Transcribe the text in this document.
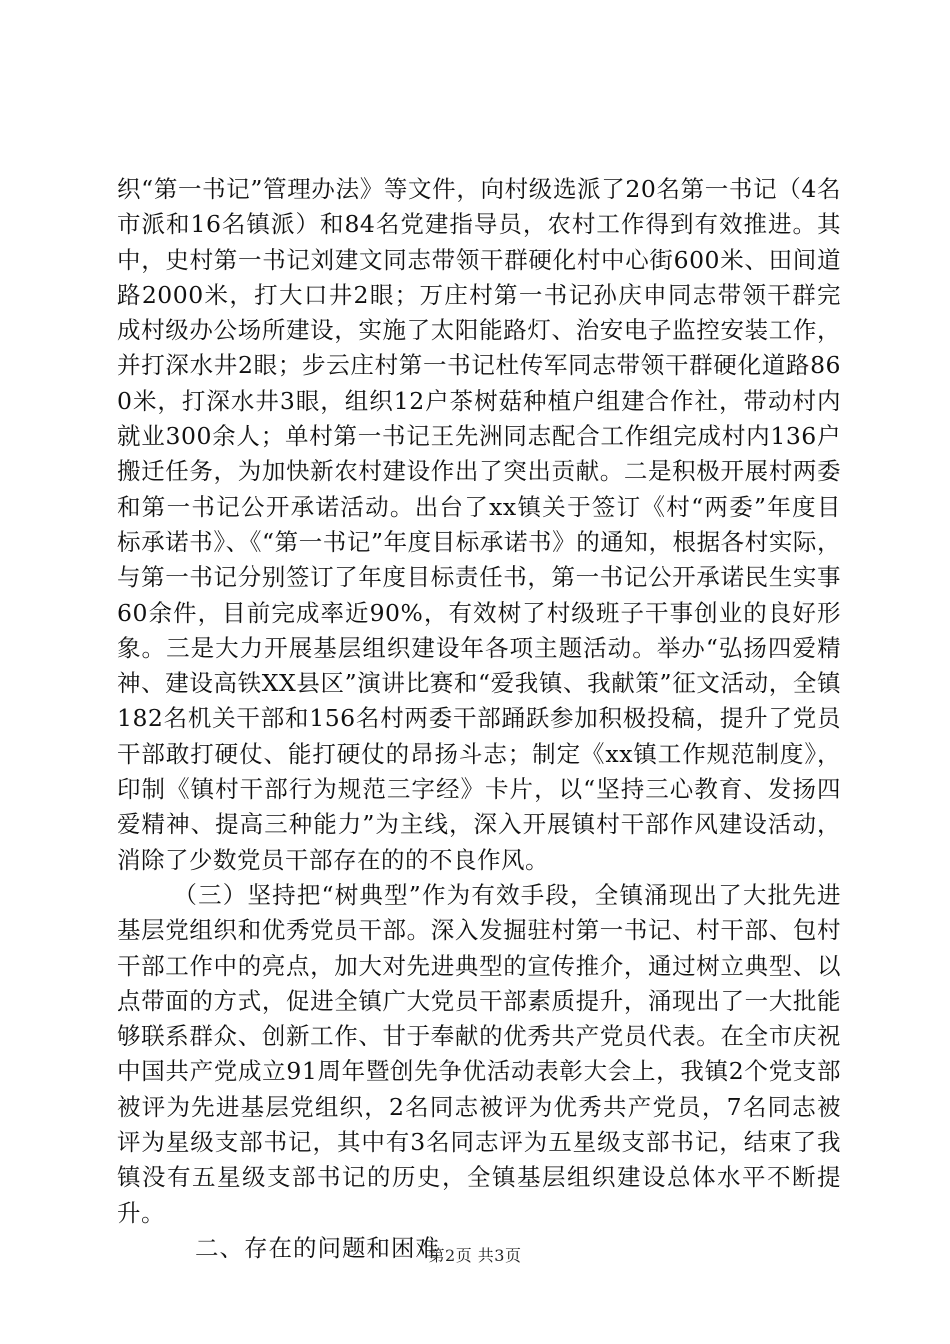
织“第一书记”管理办法》等文件，向村级选派了20名第一书记（4名市派和16名镇派）和84名党建指导员，农村工作得到有效推进。其中，史村第一书记刘建文同志带领干群硬化村中心街600米、田间道路2000米，打大口井2眼；万庄村第一书记孙庆申同志带领干群完成村级办公场所建设，实施了太阳能路灯、治安电子监控安装工作，并打深水井2眼；步云庄村第一书记杜传军同志带领干群硬化道路860米，打深水井3眼，组织12户茶树菇种植户组建合作社，带动村内就业300余人；单村第一书记王先洲同志配合工作组完成村内136户搬迁任务，为加快新农村建设作出了突出贡献。二是积极开展村两委和第一书记公开承诺活动。出台了xx镇关于签订《村“两委”年度目标承诺书》、《“第一书记”年度目标承诺书》的通知，根据各村实际，与第一书记分别签订了年度目标责任书，第一书记公开承诺民生实事60余件，目前完成率近90%，有效树了村级班子干事创业的良好形象。三是大力开展基层组织建设年各项主题活动。举办“弘扬四爱精神、建设高铁XX县区”演讲比赛和“爱我镇、我献策”征文活动，全镇182名机关干部和156名村两委干部踊跃参加积极投稿，提升了党员干部敢打硬仗、能打硬仗的昂扬斗志；制定《xx镇工作规范制度》，印制《镇村干部行为规范三字经》卡片，以“坚持三心教育、发扬四爱精神、提高三种能力”为主线，深入开展镇村干部作风建设活动，消除了少数党员干部存在的的不良作风。

（三）坚持把“树典型”作为有效手段，全镇涌现出了大批先进基层党组织和优秀党员干部。深入发掘驻村第一书记、村干部、包村干部工作中的亮点，加大对先进典型的宣传推介，通过树立典型、以点带面的方式，促进全镇广大党员干部素质提升，涌现出了一大批能够联系群众、创新工作、甘于奉献的优秀共产党员代表。在全市庆祝中国共产党成立91周年暨创先争优活动表彰大会上，我镇2个党支部被评为先进基层党组织，2名同志被评为优秀共产党员，7名同志被评为星级支部书记，其中有3名同志评为五星级支部书记，结束了我镇没有五星级支部书记的历史，全镇基层组织建设总体水平不断提升。

二、存在的问题和困难

第2页 共3页
